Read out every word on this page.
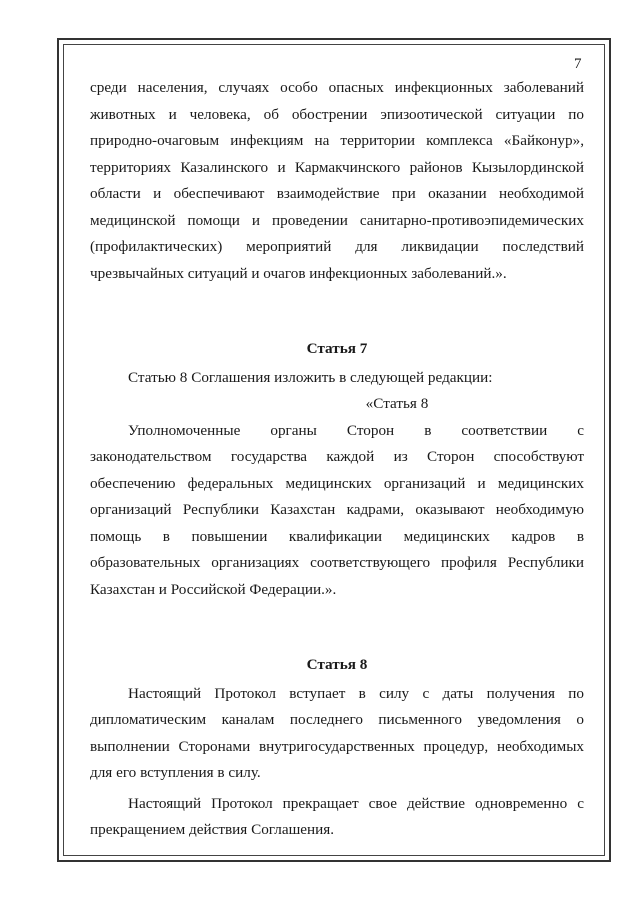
7

среди населения, случаях особо опасных инфекционных заболеваний
животных и человека, об обострении эпизоотической ситуации по
природно-очаговым инфекциям на территории комплекса «Байконур»,
территориях Казалинского и Кармакчинского районов Кызылординской
области и обеспечивают взаимодействие при оказании необходимой
медицинской помощи и проведении санитарно-противоэпидемических
(профилактических) мероприятий для ликвидации последствий
чрезвычайных ситуаций и очагов инфекционных заболеваний.».

Статья 7

Статью 8 Соглашения изложить в следующей редакции:

«Статья 8

Уполномоченные органы Сторон в соответствии с
законодательством государства каждой из Сторон способствуют
обеспечению федеральных медицинских организаций и медицинских
организаций Республики Казахстан кадрами, оказывают необходимую
помощь в повышении квалификации медицинских кадров в
образовательных организациях соответствующего профиля Республики
Казахстан и Российской Федерации.».

Статья 8

Настоящий Протокол вступает в силу с даты получения по
дипломатическим каналам последнего письменного уведомления о
выполнении Сторонами внутригосударственных процедур, необходимых
для его вступления в силу.

Настоящий Протокол прекращает свое действие одновременно с
прекращением действия Соглашения.
